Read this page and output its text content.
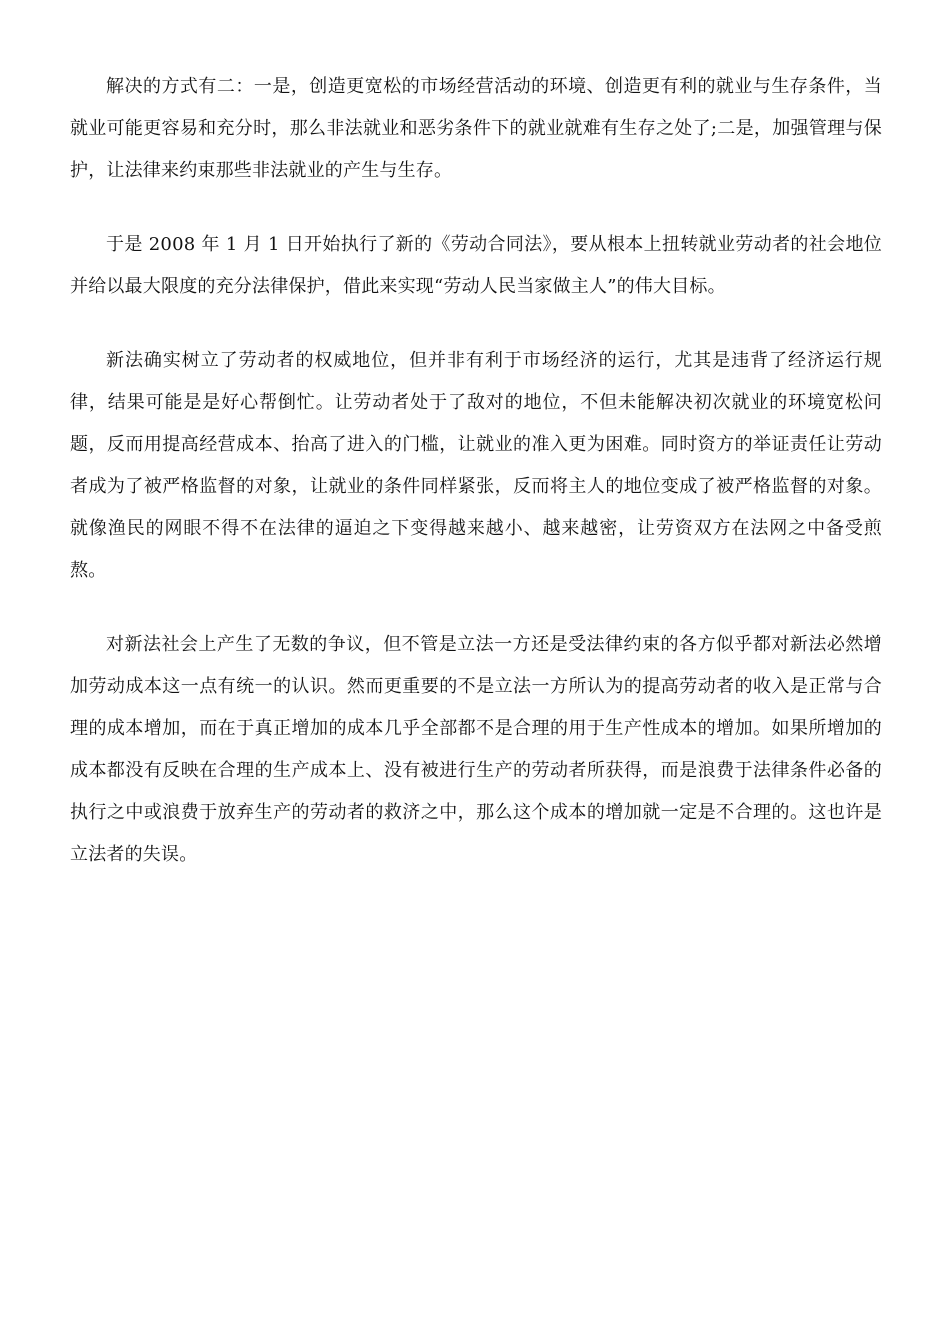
解决的方式有二：一是，创造更宽松的市场经营活动的环境、创造更有利的就业与生存条件，当就业可能更容易和充分时，那么非法就业和恶劣条件下的就业就难有生存之处了;二是，加强管理与保护，让法律来约束那些非法就业的产生与生存。

于是 2008 年 1 月 1 日开始执行了新的《劳动合同法》，要从根本上扭转就业劳动者的社会地位并给以最大限度的充分法律保护，借此来实现“劳动人民当家做主人”的伟大目标。

新法确实树立了劳动者的权威地位，但并非有利于市场经济的运行，尤其是违背了经济运行规律，结果可能是是好心帮倒忙。让劳动者处于了敌对的地位，不但未能解决初次就业的环境宽松问题，反而用提高经营成本、抬高了进入的门槛，让就业的准入更为困难。同时资方的举证责任让劳动者成为了被严格监督的对象，让就业的条件同样紧张，反而将主人的地位变成了被严格监督的对象。就像渔民的网眼不得不在法律的逼迫之下变得越来越小、越来越密，让劳资双方在法网之中备受煎熬。

对新法社会上产生了无数的争议，但不管是立法一方还是受法律约束的各方似乎都对新法必然增加劳动成本这一点有统一的认识。然而更重要的不是立法一方所认为的提高劳动者的收入是正常与合理的成本增加，而在于真正增加的成本几乎全部都不是合理的用于生产性成本的增加。如果所增加的成本都没有反映在合理的生产成本上、没有被进行生产的劳动者所获得，而是浪费于法律条件必备的执行之中或浪费于放弃生产的劳动者的救济之中，那么这个成本的增加就一定是不合理的。这也许是立法者的失误。
